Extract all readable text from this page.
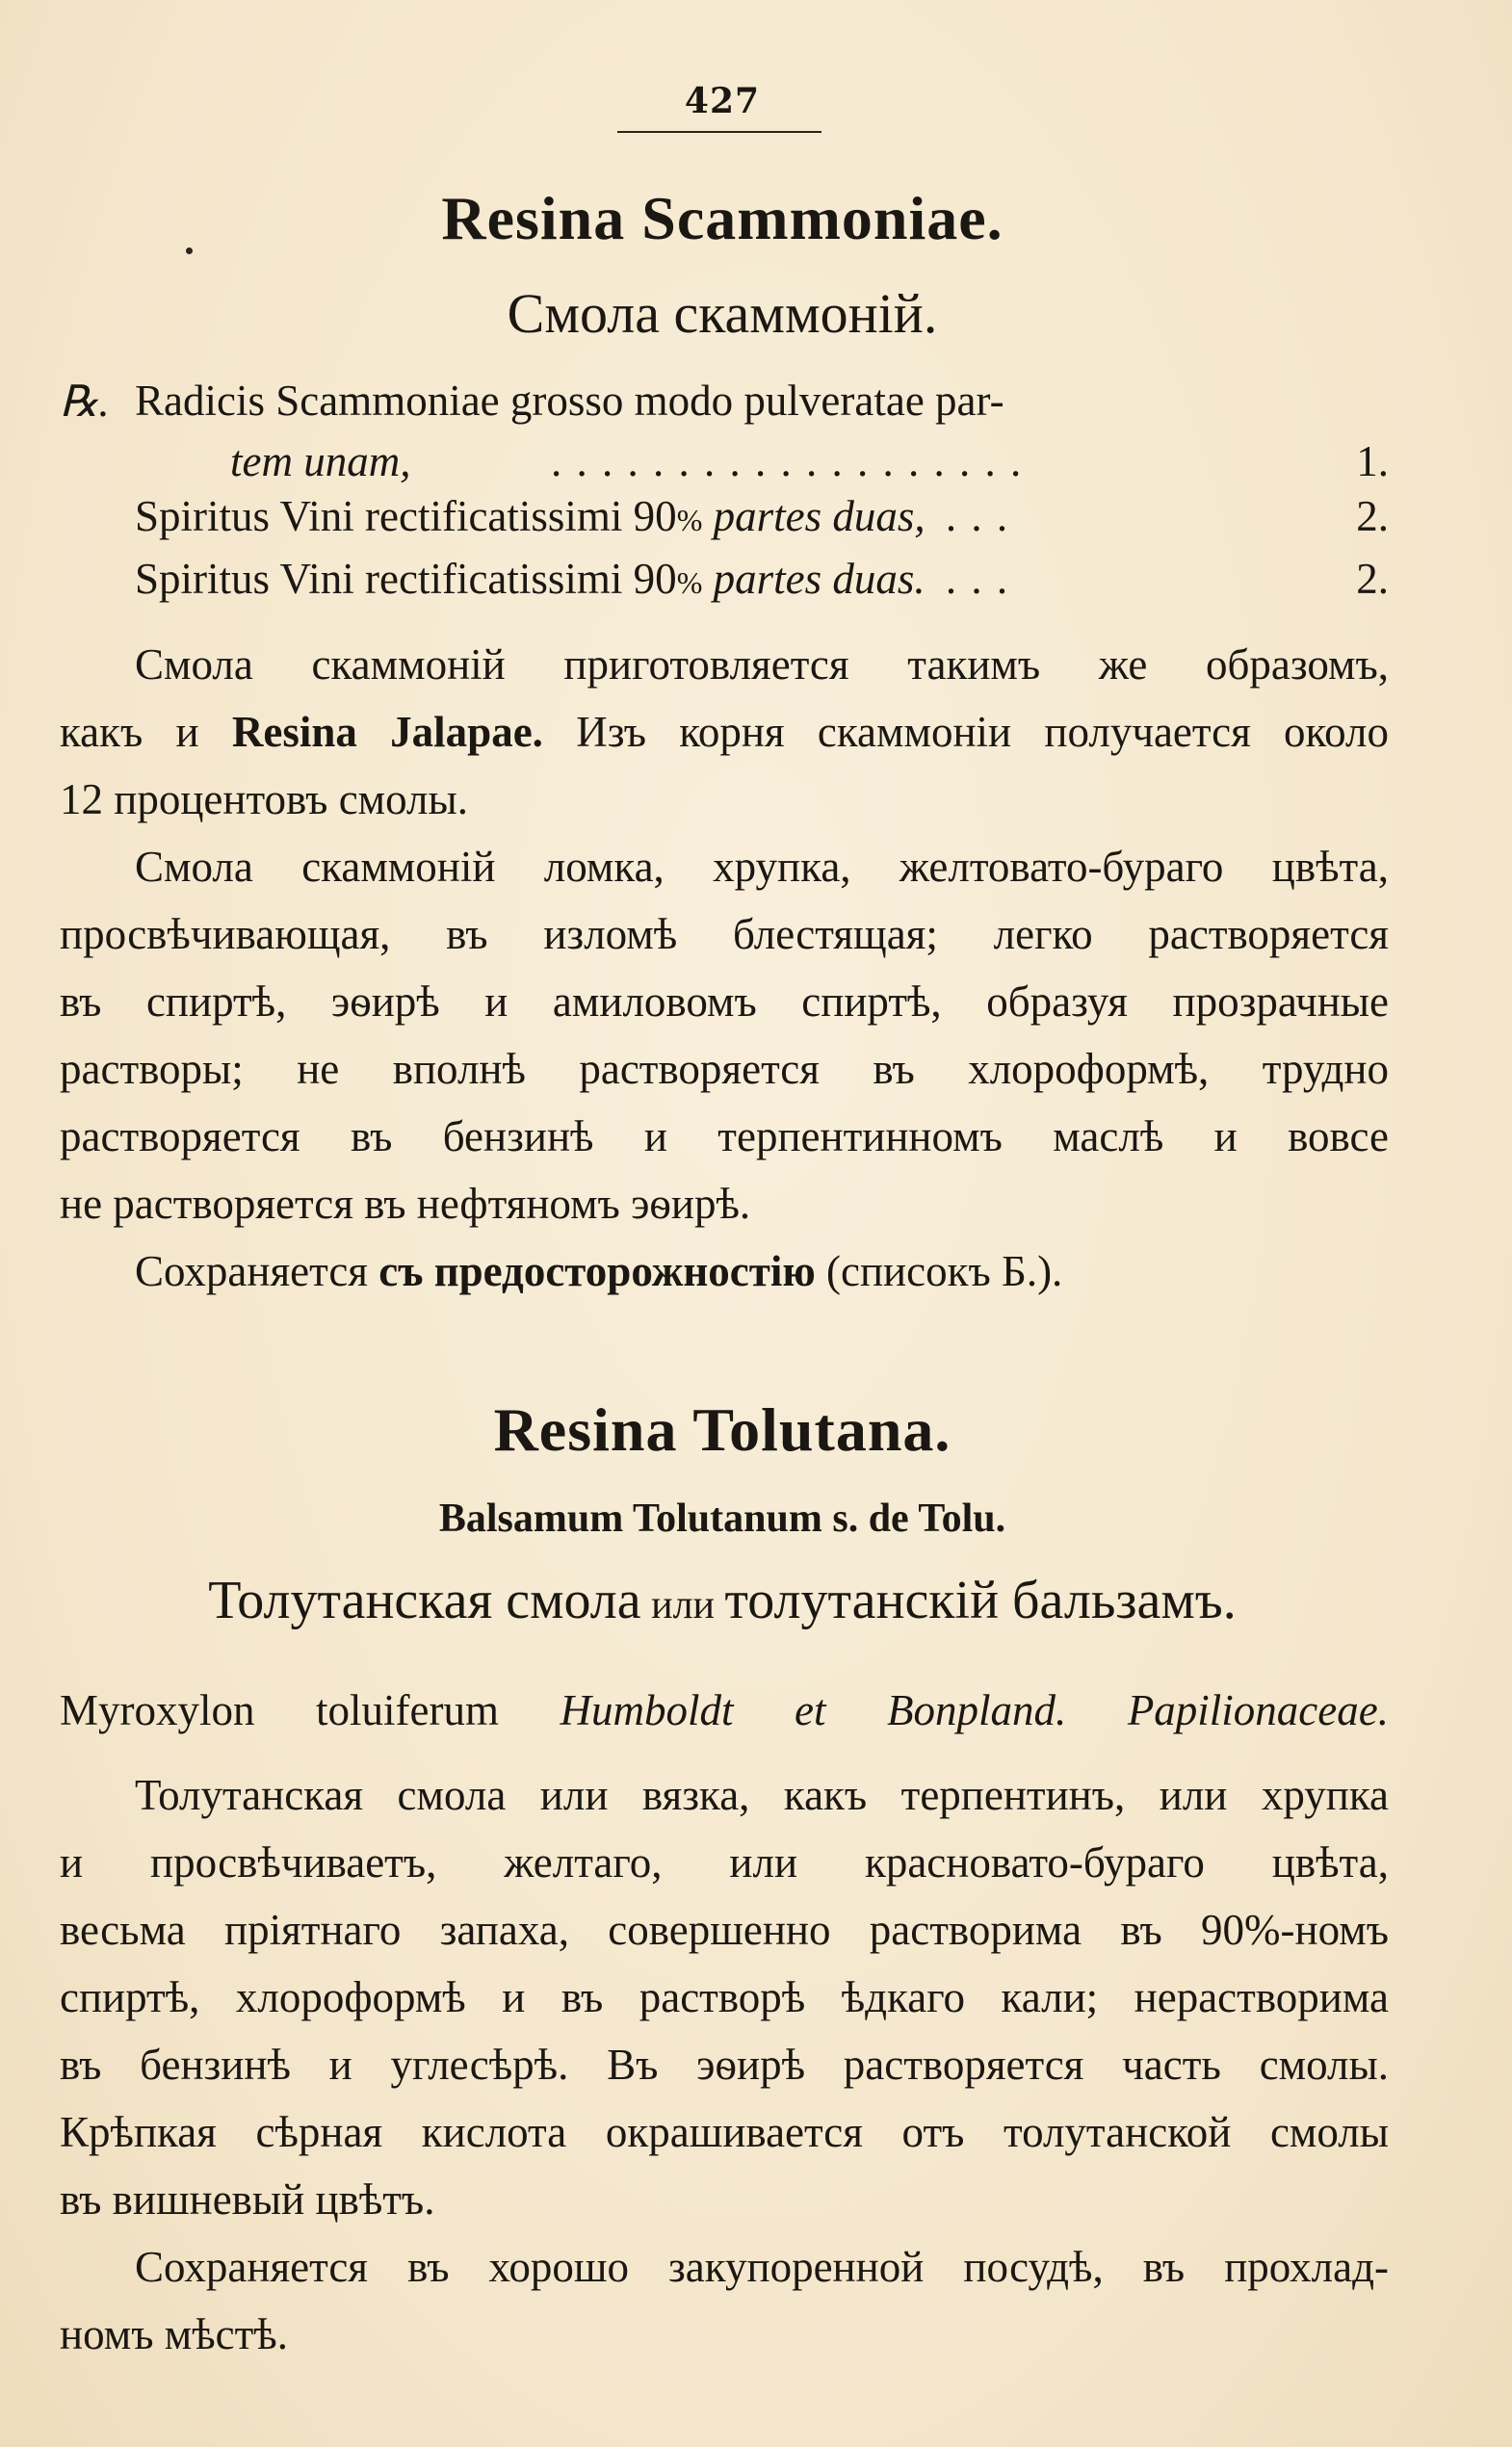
427
Resina Scammoniae.
Смола скаммоній.
℞. Radicis Scammoniae grosso modo pulveratae par-
tem unam,	. . . . . . . . . . . . . . . . . . .	1.
Spiritus Vini rectificatissimi 90% partes duas, . . .	2.
Spiritus Vini rectificatissimi 90% partes duas. . . .	2.
Смола скаммоній приготовляется такимъ же образомъ,
какъ и Resina Jalapae. Изъ корня скаммоніи получается около
12 процентовъ смолы.
Смола скаммоній ломка, хрупка, желтовато-бураго цвѣта,
просвѣчивающая, въ изломѣ блестящая; легко растворяется
въ спиртѣ, эѳирѣ и амиловомъ спиртѣ, образуя прозрачные
растворы; не вполнѣ растворяется въ хлороформѣ, трудно
растворяется въ бензинѣ и терпентинномъ маслѣ и вовсе
не растворяется въ нефтяномъ эѳирѣ.
Сохраняется съ предосторожностію (списокъ Б.).
Resina Tolutana.
Balsamum Tolutanum s. de Tolu.
Толутанская смола или толутанскій бальзамъ.
Myroxylon toluiferum Humboldt et Bonpland. Papilionaceae.
Толутанская смола или вязка, какъ терпентинъ, или хрупка
и просвѣчиваетъ, желтаго, или красновато-бураго цвѣта,
весьма пріятнаго запаха, совершенно растворима въ 90%-номъ
спиртѣ, хлороформѣ и въ растворѣ ѣдкаго кали; нерастворима
въ бензинѣ и углесѣрѣ. Въ эѳирѣ растворяется часть смолы.
Крѣпкая сѣрная кислота окрашивается отъ толутанской смолы
въ вишневый цвѣтъ.
Сохраняется въ хорошо закупоренной посудѣ, въ прохлад-
номъ мѣстѣ.
